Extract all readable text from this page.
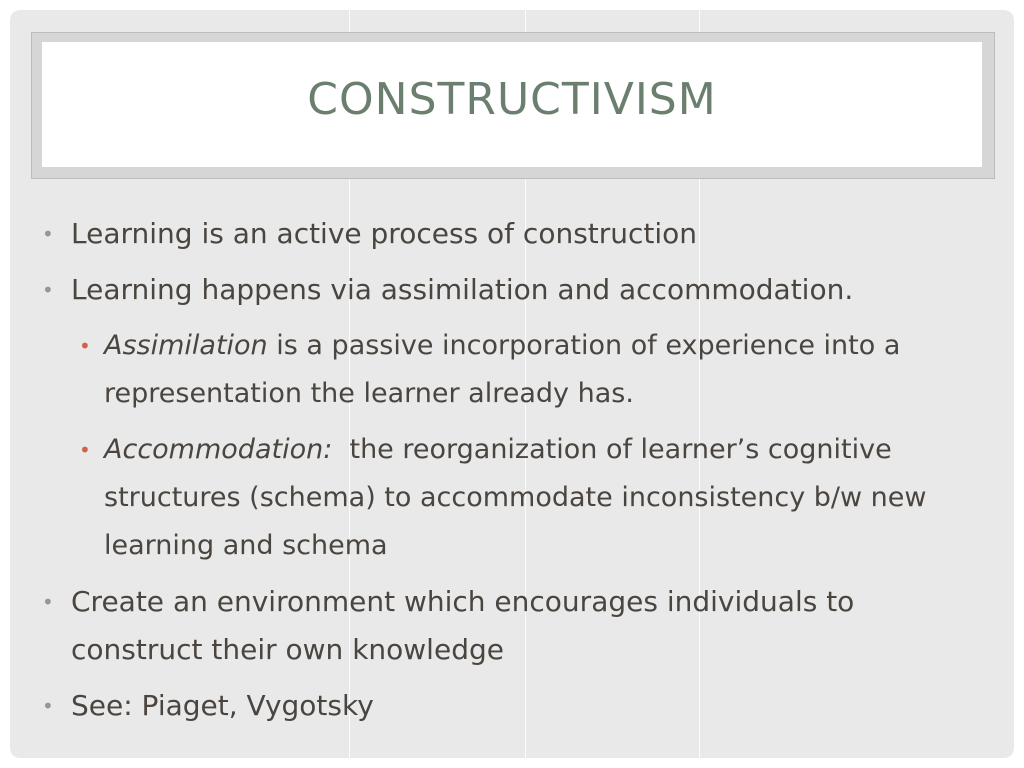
CONSTRUCTIVISM
• Learning is an active process of construction
• Learning happens via assimilation and accommodation.
• Assimilation is a passive incorporation of experience into a representation the learner already has.
• Accommodation:  the reorganization of learner’s cognitive structures (schema) to accommodate inconsistency b/w new learning and schema
• Create an environment which encourages individuals to construct their own knowledge
• See: Piaget, Vygotsky
